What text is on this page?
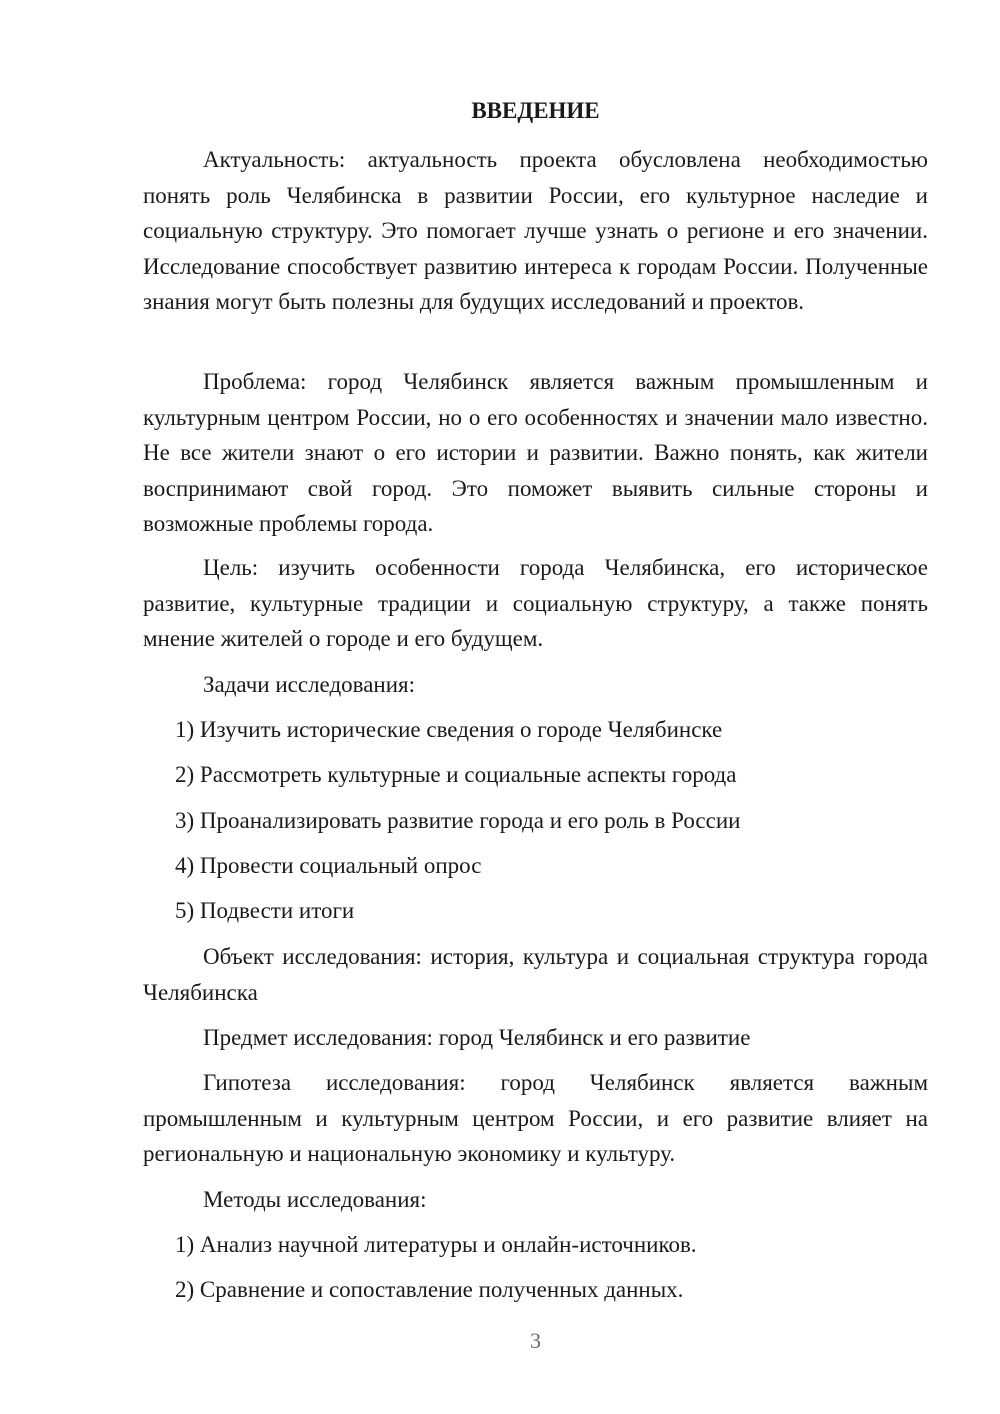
ВВЕДЕНИЕ

Актуальность: актуальность проекта обусловлена необходимостью понять роль Челябинска в развитии России, его культурное наследие и социальную структуру. Это помогает лучше узнать о регионе и его значении. Исследование способствует развитию интереса к городам России. Полученные знания могут быть полезны для будущих исследований и проектов.

Проблема: город Челябинск является важным промышленным и культурным центром России, но о его особенностях и значении мало известно. Не все жители знают о его истории и развитии. Важно понять, как жители воспринимают свой город. Это поможет выявить сильные стороны и возможные проблемы города.

Цель: изучить особенности города Челябинска, его историческое развитие, культурные традиции и социальную структуру, а также понять мнение жителей о городе и его будущем.

Задачи исследования:

1) Изучить исторические сведения о городе Челябинске

2) Рассмотреть культурные и социальные аспекты города

3) Проанализировать развитие города и его роль в России

4) Провести социальный опрос

5) Подвести итоги

Объект исследования: история, культура и социальная структура города Челябинска

Предмет исследования: город Челябинск и его развитие

Гипотеза исследования: город Челябинск является важным промышленным и культурным центром России, и его развитие влияет на региональную и национальную экономику и культуру.

Методы исследования:

1) Анализ научной литературы и онлайн-источников.

2) Сравнение и сопоставление полученных данных.

3
